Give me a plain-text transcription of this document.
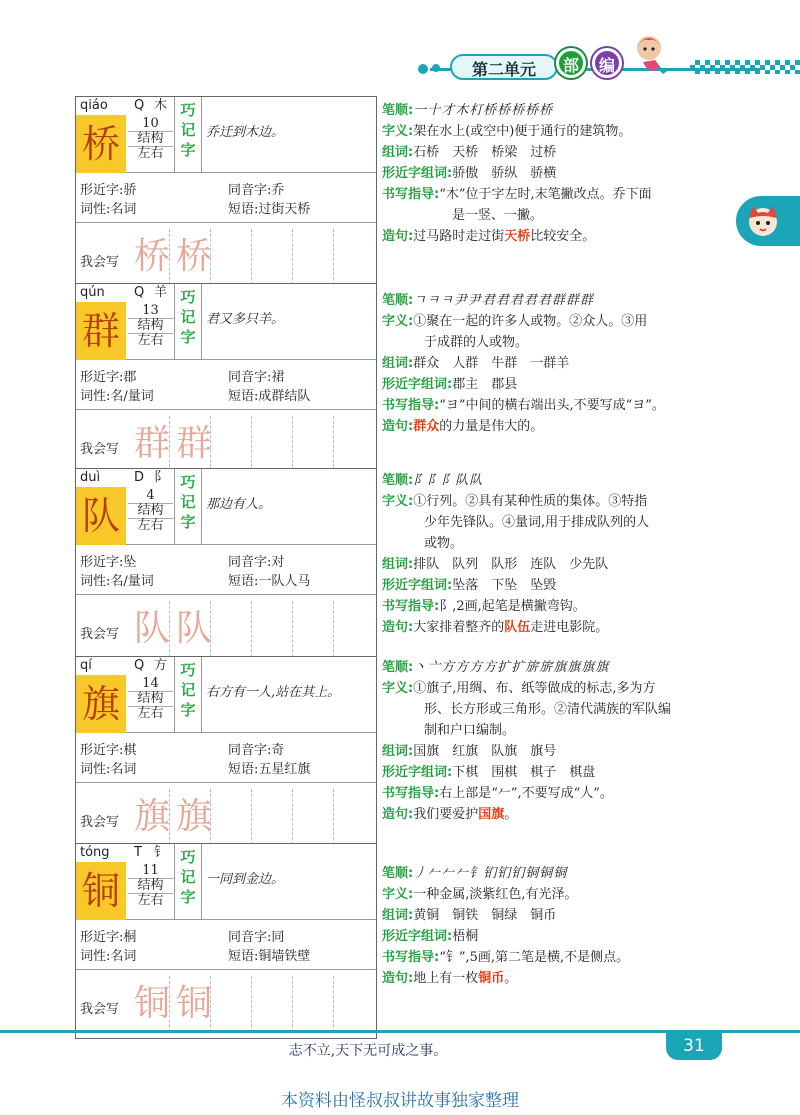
第二单元	部	编
qiáo Q 木
桥	10
结构
左右
巧
记
字
乔迁到木边。
形近字:骄	同音字:乔
词性:名词	短语:过街天桥
我会写 桥 桥
笔顺:一十才木朾桥桥桥桥桥
字义:架在水上(或空中)便于通行的建筑物。
组词:石桥　天桥　桥梁　过桥
形近字组词:骄傲　骄纵　骄横
书写指导:“木”位于字左时,末笔撇改点。乔下面
是一竖、一撇。
造句:过马路时走过街天桥比较安全。
qún Q 羊
群	13
结构
左右
巧
记
字
君又多只羊。
形近字:郡	同音字:裙
词性:名/量词	短语:成群结队
我会写 群 群
笔顺:ㄱㅋㅋ尹尹君君君君君群群群
字义:①聚在一起的许多人或物。②众人。③用
于成群的人或物。
组词:群众　人群　牛群　一群羊
形近字组词:郡主　郡县
书写指导:“ヨ”中间的横右端出头,不要写成“ヨ”。
造句:群众的力量是伟大的。
duì	D 阝
队	4
结构
左右
巧
记
字
那边有人。
形近字:坠	同音字:对
词性:名/量词	短语:一队人马
我会写 队 队
笔顺:阝阝阝队队
字义:①行列。②具有某种性质的集体。③特指
少年先锋队。④量词,用于排成队列的人
或物。
组词:排队　队列　队形　连队　少先队
形近字组词:坠落　下坠　坠毁
书写指导:阝,2画,起笔是横撇弯钩。
造句:大家排着整齐的队伍走进电影院。
qí	Q 方
旗	14
结构
左右
巧
记
字
右方有一人,站在其上。
形近字:棋	同音字:奇
词性:名词	短语:五星红旗
我会写 旗 旗
笔顺:丶亠方方方方扩扩旂旂旗旗旗旗
字义:①旗子,用绸、布、纸等做成的标志,多为方
形、长方形或三角形。②清代满族的军队编
制和户口编制。
组词:国旗　红旗　队旗　旗号
形近字组词:下棋　围棋　棋子　棋盘
书写指导:右上部是“𠂉”,不要写成“人”。
造句:我们要爱护国旗。
tóng T 钅
铜	11
结构
左右
巧
记
字
一同到金边。
形近字:桐	同音字:同
词性:名词	短语:铜墙铁壁
我会写 铜 铜
笔顺:丿𠂉𠂉𠂉钅钔钔钔铜铜铜
字义:一种金属,淡紫红色,有光泽。
组词:黄铜　铜铁　铜绿　铜币
形近字组词:梧桐
书写指导:“钅”,5画,第二笔是横,不是侧点。
造句:地上有一枚铜币。
志不立,天下无可成之事。	31
本资料由怪叔叔讲故事独家整理
